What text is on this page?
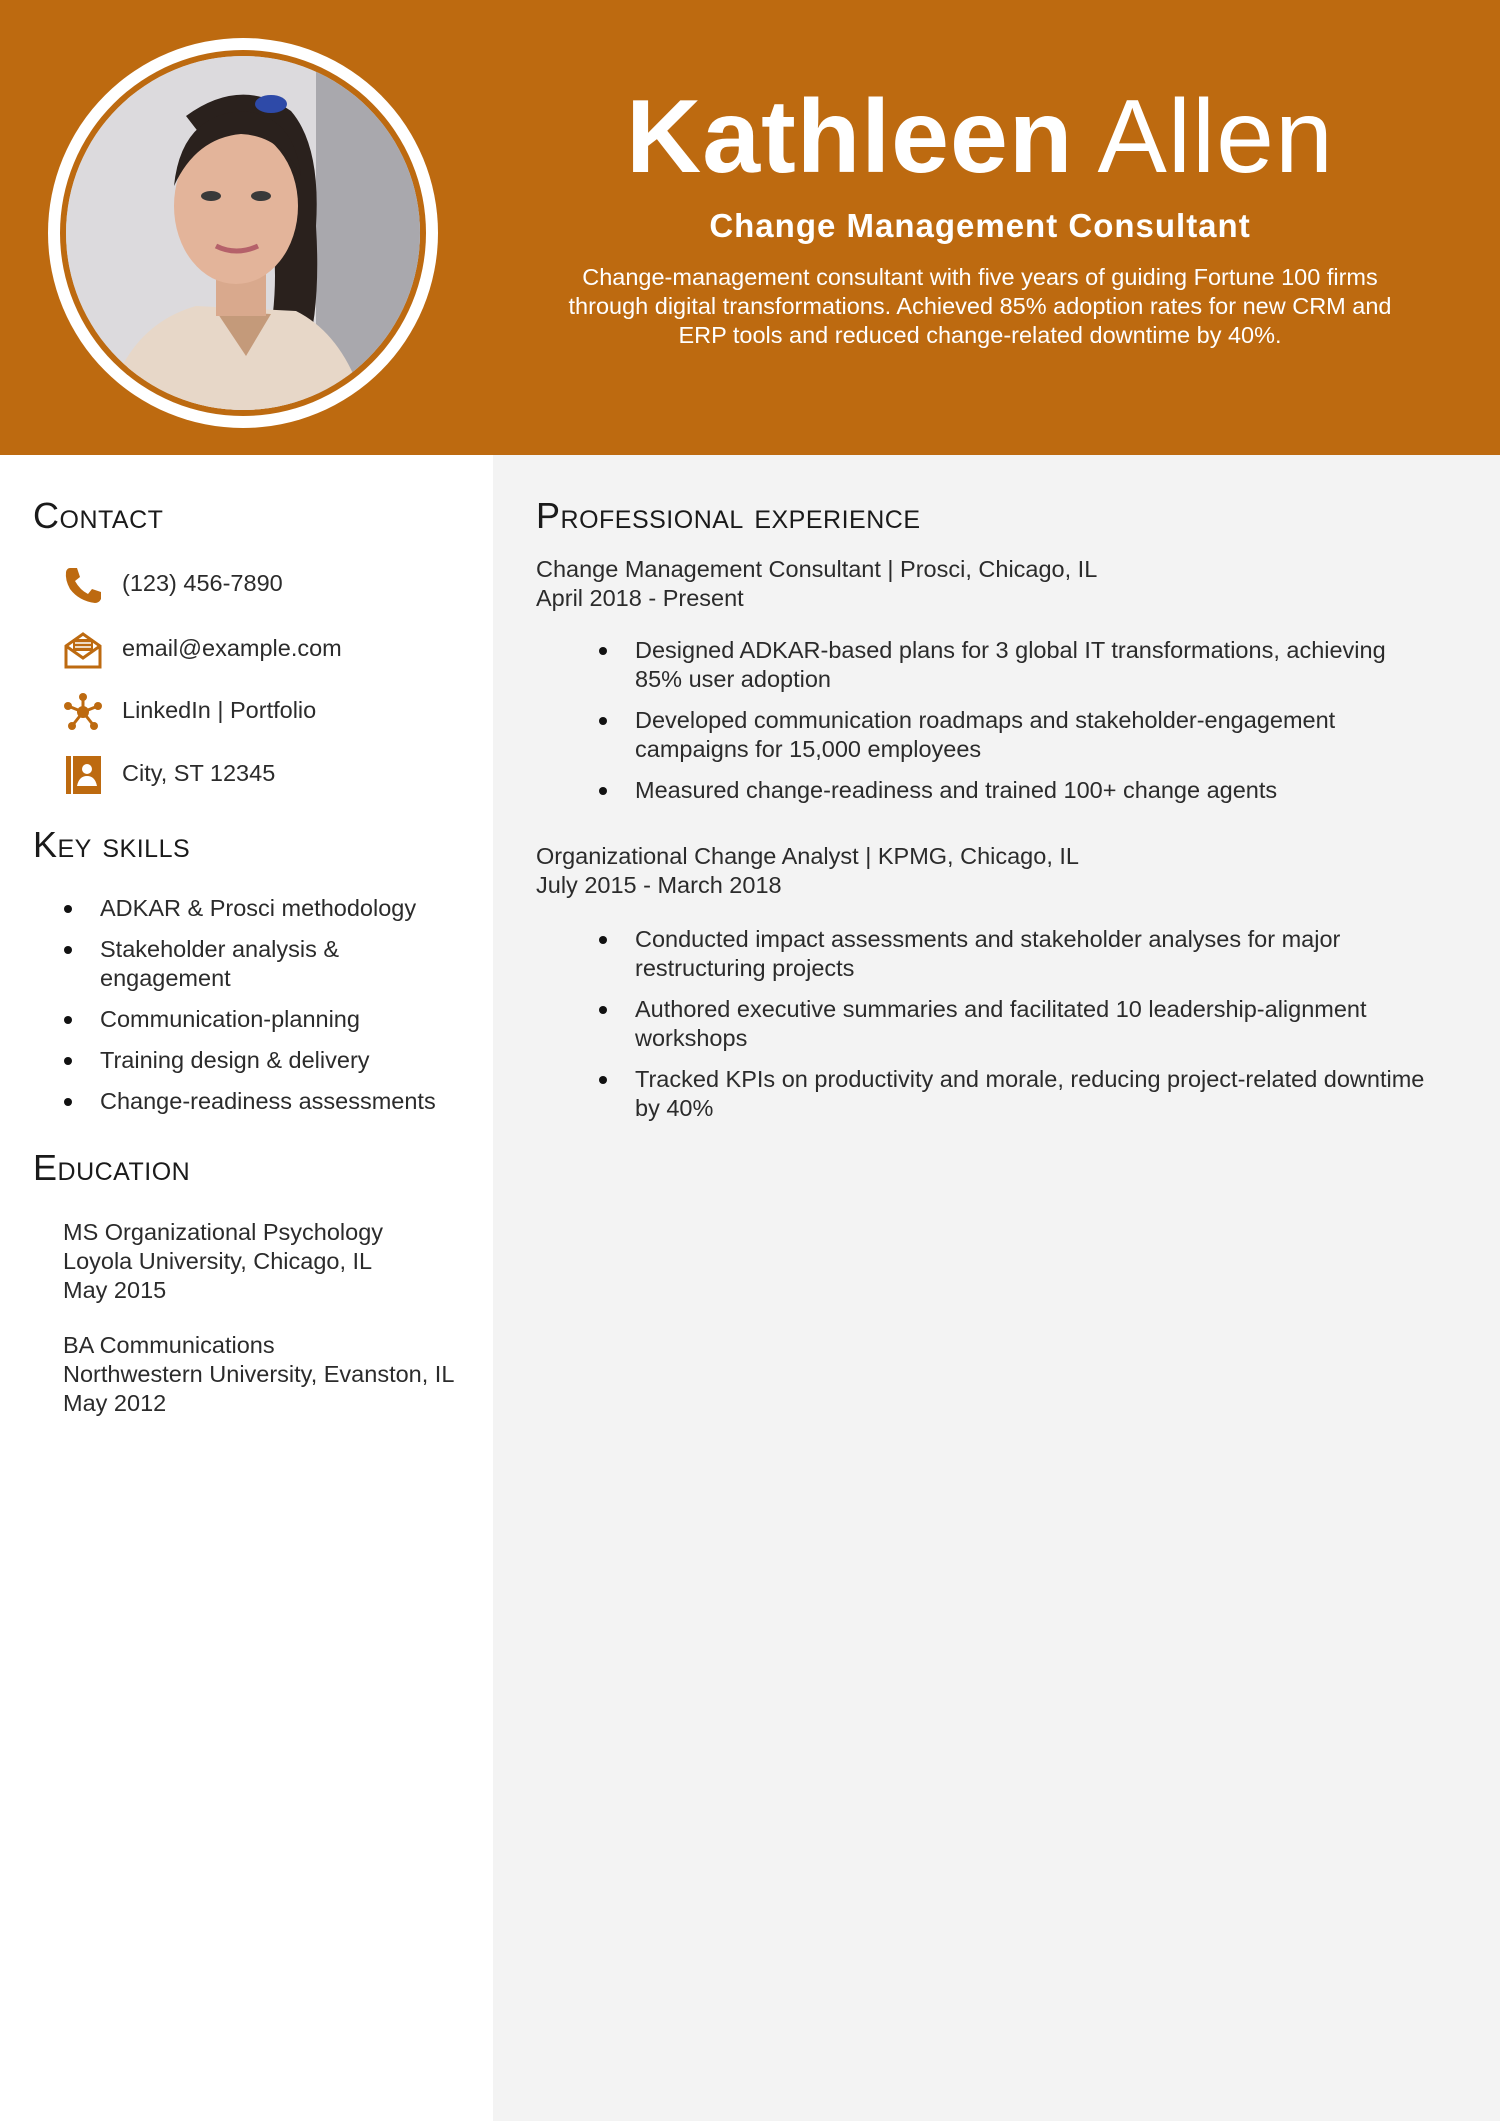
Kathleen Allen
Change Management Consultant
Change-management consultant with five years of guiding Fortune 100 firms through digital transformations. Achieved 85% adoption rates for new CRM and ERP tools and reduced change-related downtime by 40%.
Contact
(123) 456-7890
email@example.com
LinkedIn | Portfolio
City, ST 12345
Key skills
ADKAR & Prosci methodology
Stakeholder analysis & engagement
Communication-planning
Training design & delivery
Change-readiness assessments
Education
MS Organizational Psychology
Loyola University, Chicago, IL
May 2015
BA Communications
Northwestern University, Evanston, IL
May 2012
Professional experience
Change Management Consultant | Prosci, Chicago, IL
April 2018 - Present
Designed ADKAR-based plans for 3 global IT transformations, achieving 85% user adoption
Developed communication roadmaps and stakeholder-engagement campaigns for 15,000 employees
Measured change-readiness and trained 100+ change agents
Organizational Change Analyst | KPMG, Chicago, IL
July 2015 - March 2018
Conducted impact assessments and stakeholder analyses for major restructuring projects
Authored executive summaries and facilitated 10 leadership-alignment workshops
Tracked KPIs on productivity and morale, reducing project-related downtime by 40%
